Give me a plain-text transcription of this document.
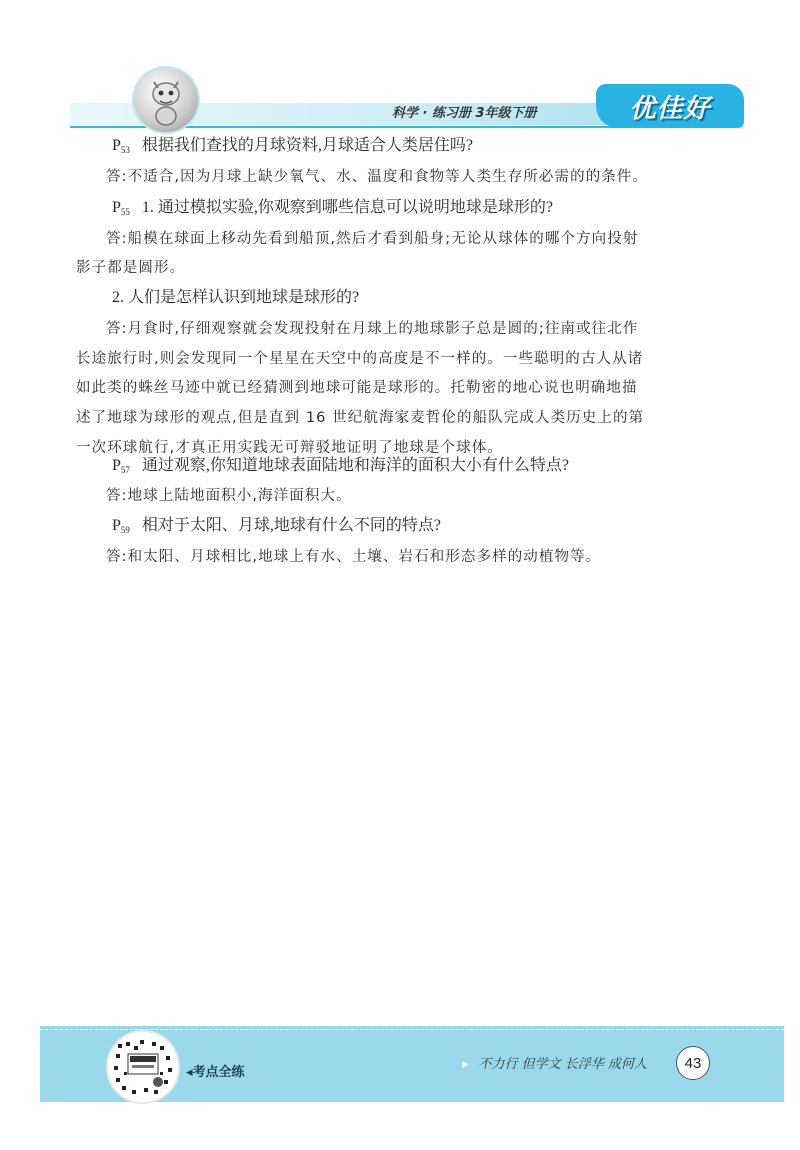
科学 · 练习册 3年级下册	优佳好
$P_{53}$ 根据我们查找的月球资料,月球适合人类居住吗?
答:不适合,因为月球上缺少氧气、水、温度和食物等人类生存所必需的的条件。
$P_{55}$ 1. 通过模拟实验,你观察到哪些信息可以说明地球是球形的?
答:船模在球面上移动先看到船顶,然后才看到船身;无论从球体的哪个方向投射
影子都是圆形。
2. 人们是怎样认识到地球是球形的?
答:月食时,仔细观察就会发现投射在月球上的地球影子总是圆的;往南或往北作
长途旅行时,则会发现同一个星星在天空中的高度是不一样的。一些聪明的古人从诸
如此类的蛛丝马迹中就已经猜测到地球可能是球形的。托勒密的地心说也明确地描
述了地球为球形的观点,但是直到 16 世纪航海家麦哲伦的船队完成人类历史上的第
一次环球航行,才真正用实践无可辩驳地证明了地球是个球体。
$P_{57}$ 通过观察,你知道地球表面陆地和海洋的面积大小有什么特点?
答:地球上陆地面积小,海洋面积大。
$P_{59}$ 相对于太阳、月球,地球有什么不同的特点?
答:和太阳、月球相比,地球上有水、土壤、岩石和形态多样的动植物等。
◂考点全练
▸ 不力行 但学文 长浮华 成何人	43
